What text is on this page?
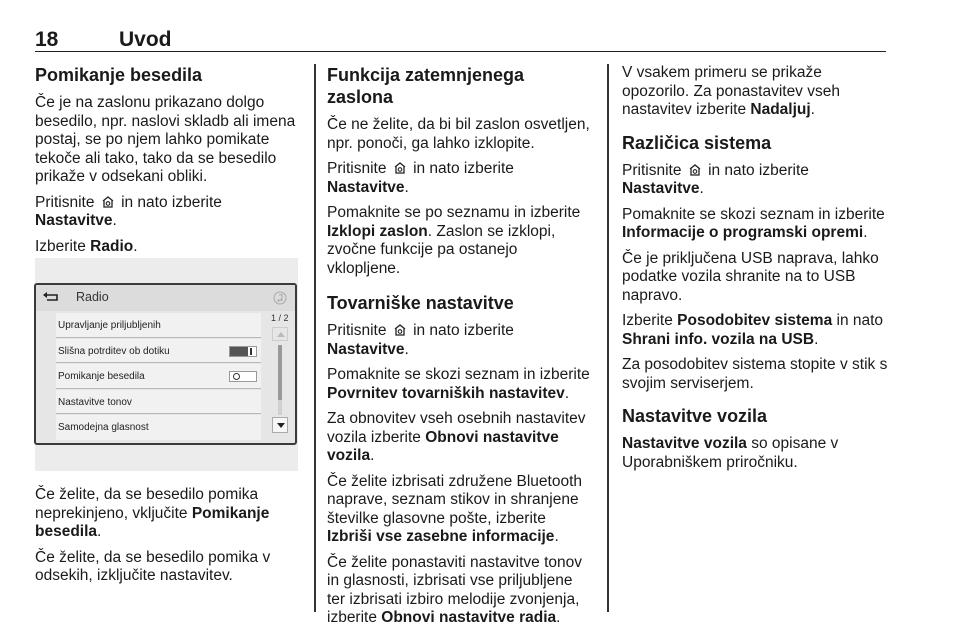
18	Uvod
Pomikanje besedila

Če je na zaslonu prikazano dolgo besedilo, npr. naslovi skladb ali imena postaj, se po njem lahko pomikate tekoče ali tako, tako da se besedilo prikaže v odsekani obliki.

Pritisnite in nato izberite
Nastavitve.

Izberite Radio.

Radio
Upravljanje priljubljenih
Slišna potrditev ob dotiku
Pomikanje besedila
Nastavitve tonov
Samodejna glasnost
1 / 2

Če želite, da se besedilo pomika neprekinjeno, vključite Pomikanje besedila.

Če želite, da se besedilo pomika v odsekih, izključite nastavitev.

Funkcija zatemnjenega zaslona

Če ne želite, da bi bil zaslon osvetljen, npr. ponoči, ga lahko izklopite.

Pritisnite in nato izberite
Nastavitve.

Pomaknite se po seznamu in izberite Izklopi zaslon. Zaslon se izklopi, zvočne funkcije pa ostanejo vklopljene.

Tovarniške nastavitve

Pritisnite in nato izberite
Nastavitve.

Pomaknite se skozi seznam in izberite Povrnitev tovarniških nastavitev.

Za obnovitev vseh osebnih nastavitev vozila izberite Obnovi nastavitve vozila.

Če želite izbrisati združene Bluetooth naprave, seznam stikov in shranjene številke glasovne pošte, izberite Izbriši vse zasebne informacije.

Če želite ponastaviti nastavitve tonov in glasnosti, izbrisati vse priljubljene ter izbrisati izbiro melodije zvonjenja, izberite Obnovi nastavitve radia.

V vsakem primeru se prikaže opozorilo. Za ponastavitev vseh nastavitev izberite Nadaljuj.

Različica sistema

Pritisnite in nato izberite
Nastavitve.

Pomaknite se skozi seznam in izberite Informacije o programski opremi.

Če je priključena USB naprava, lahko podatke vozila shranite na to USB napravo.

Izberite Posodobitev sistema in nato Shrani info. vozila na USB.

Za posodobitev sistema stopite v stik s svojim serviserjem.

Nastavitve vozila

Nastavitve vozila so opisane v Uporabniškem priročniku.
